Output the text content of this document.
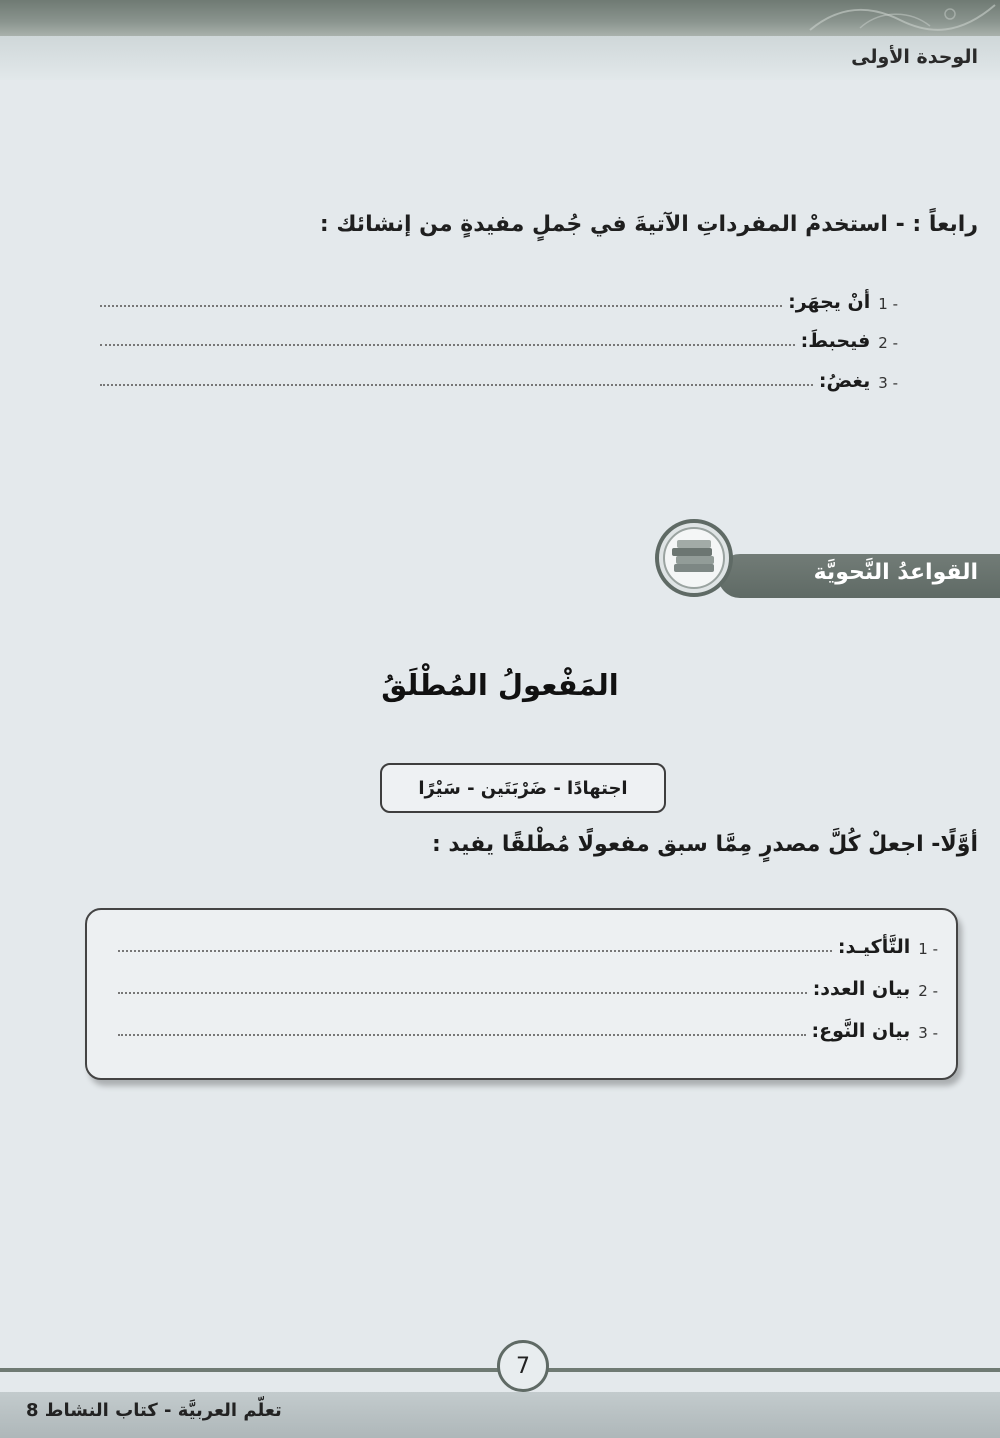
الوحدة الأولى
رابعاً : - استخدمْ المفرداتِ الآتيةَ في جُملٍ مفيدةٍ من إنشائك :
1 -
أنْ يجهَر:
2 -
فيحبطَ:
3 -
يغضُ:
القواعدُ النَّحويَّة
المَفْعولُ المُطْلَقُ
اجتهادًا - ضَرْبَتَين - سَيْرًا
أوَّلًا- اجعلْ كُلَّ مصدرٍ مِمَّا سبق مفعولًا مُطْلقًا يفيد :
1 -
التَّأكيـد:
2 -
بيان العدد:
3 -
بيان النَّوع:
7
تعلّم العربيَّة - كتاب النشاط 8
